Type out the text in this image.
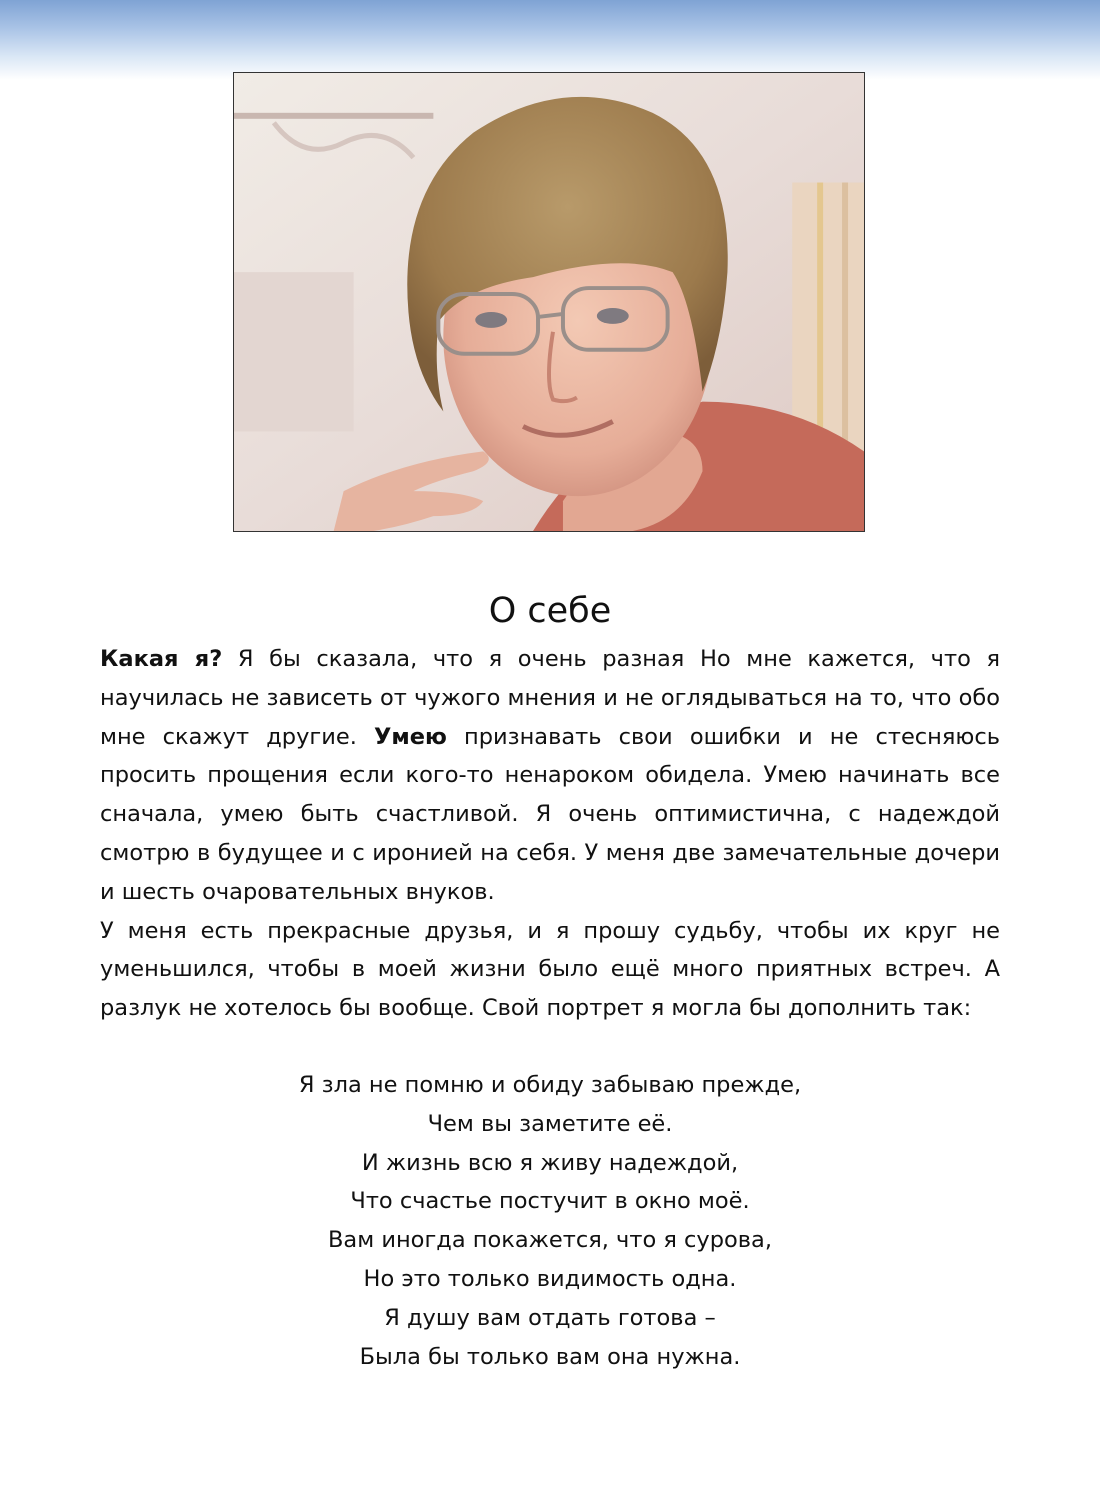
О себе

Какая я? Я бы сказала, что я очень разная Но мне кажется, что я научилась не зависеть от чужого мнения и не оглядываться на то, что обо мне скажут другие. Умею признавать свои ошибки и не стесняюсь просить прощения если кого-то ненароком обидела. Умею начинать все сначала, умею быть счастливой. Я очень оптимистична, с надеждой смотрю в будущее и с иронией на себя. У меня две замечательные дочери и шесть очаровательных внуков.

У меня есть прекрасные друзья, и я прошу судьбу, чтобы их круг не уменьшился, чтобы в моей жизни было ещё много приятных встреч. А разлук не хотелось бы вообще. Свой портрет я могла бы дополнить так:

Я зла не помню и обиду забываю прежде,
Чем вы заметите её.
И жизнь всю я живу надеждой,
Что счастье постучит в окно моё.
Вам иногда покажется, что я сурова,
Но это только видимость одна.
Я душу вам отдать готова –
Была бы только вам она нужна.
